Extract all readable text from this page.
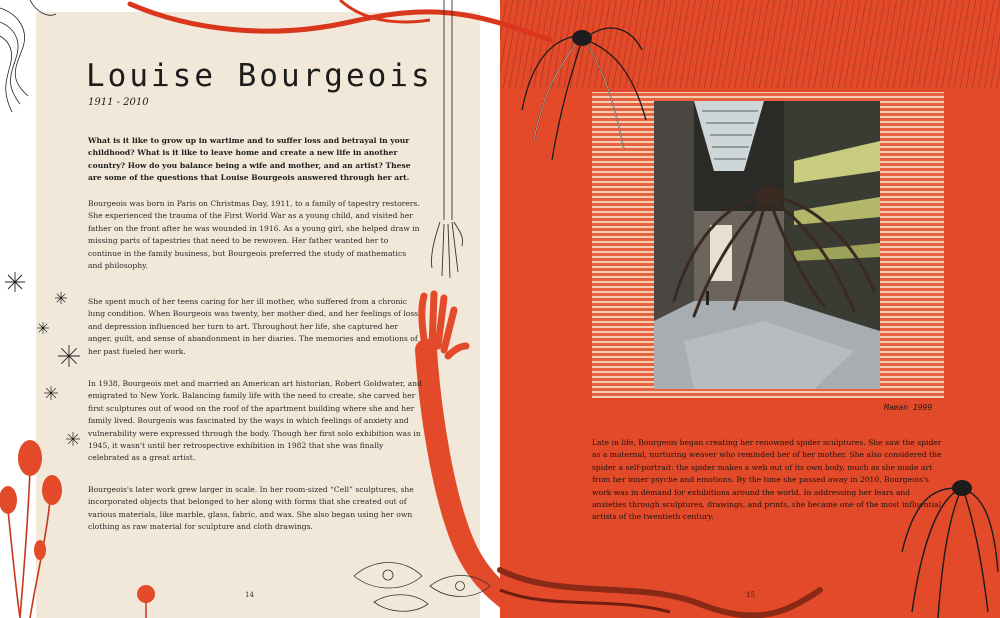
Louise Bourgeois
1911 - 2010

What is it like to grow up in wartime and to suffer loss and betrayal in your childhood? What is it like to leave home and create a new life in another country? How do you balance being a wife and mother, and an artist? These are some of the questions that Louise Bourgeois answered through her art.

Bourgeois was born in Paris on Christmas Day, 1911, to a family of tapestry restorers. She experienced the trauma of the First World War as a young child, and visited her father on the front after he was wounded in 1916. As a young girl, she helped draw in missing parts of tapestries that need to be rewoven. Her father wanted her to continue in the family business, but Bourgeois preferred the study of mathematics and philosophy.

She spent much of her teens caring for her ill mother, who suffered from a chronic lung condition. When Bourgeois was twenty, her mother died, and her feelings of loss and depression influenced her turn to art. Throughout her life, she captured her anger, guilt, and sense of abandonment in her diaries. The memories and emotions of her past fueled her work.

In 1938, Bourgeois met and married an American art historian, Robert Goldwater, and emigrated to New York. Balancing family life with the need to create, she carved her first sculptures out of wood on the roof of the apartment building where she and her family lived. Bourgeois was fascinated by the ways in which feelings of anxiety and vulnerability were expressed through the body. Though her first solo exhibition was in 1945, it wasn't until her retrospective exhibition in 1982 that she was finally celebrated as a great artist.

Bourgeois's later work grew larger in scale. In her room-sized “Cell” sculptures, she incorporated objects that belonged to her along with forms that she created out of various materials, like marble, glass, fabric, and wax. She also began using her own clothing as raw material for sculpture and cloth drawings.

14
Maman 1999

Late in life, Bourgeois began creating her renowned spider sculptures. She saw the spider as a maternal, nurturing weaver who reminded her of her mother. She also considered the spider a self-portrait: the spider makes a web out of its own body, much as she made art from her inner psyche and emotions. By the time she passed away in 2010, Bourgeois's work was in demand for exhibitions around the world. In addressing her fears and anxieties through sculptures, drawings, and prints, she became one of the most influential artists of the twentieth century.

15
